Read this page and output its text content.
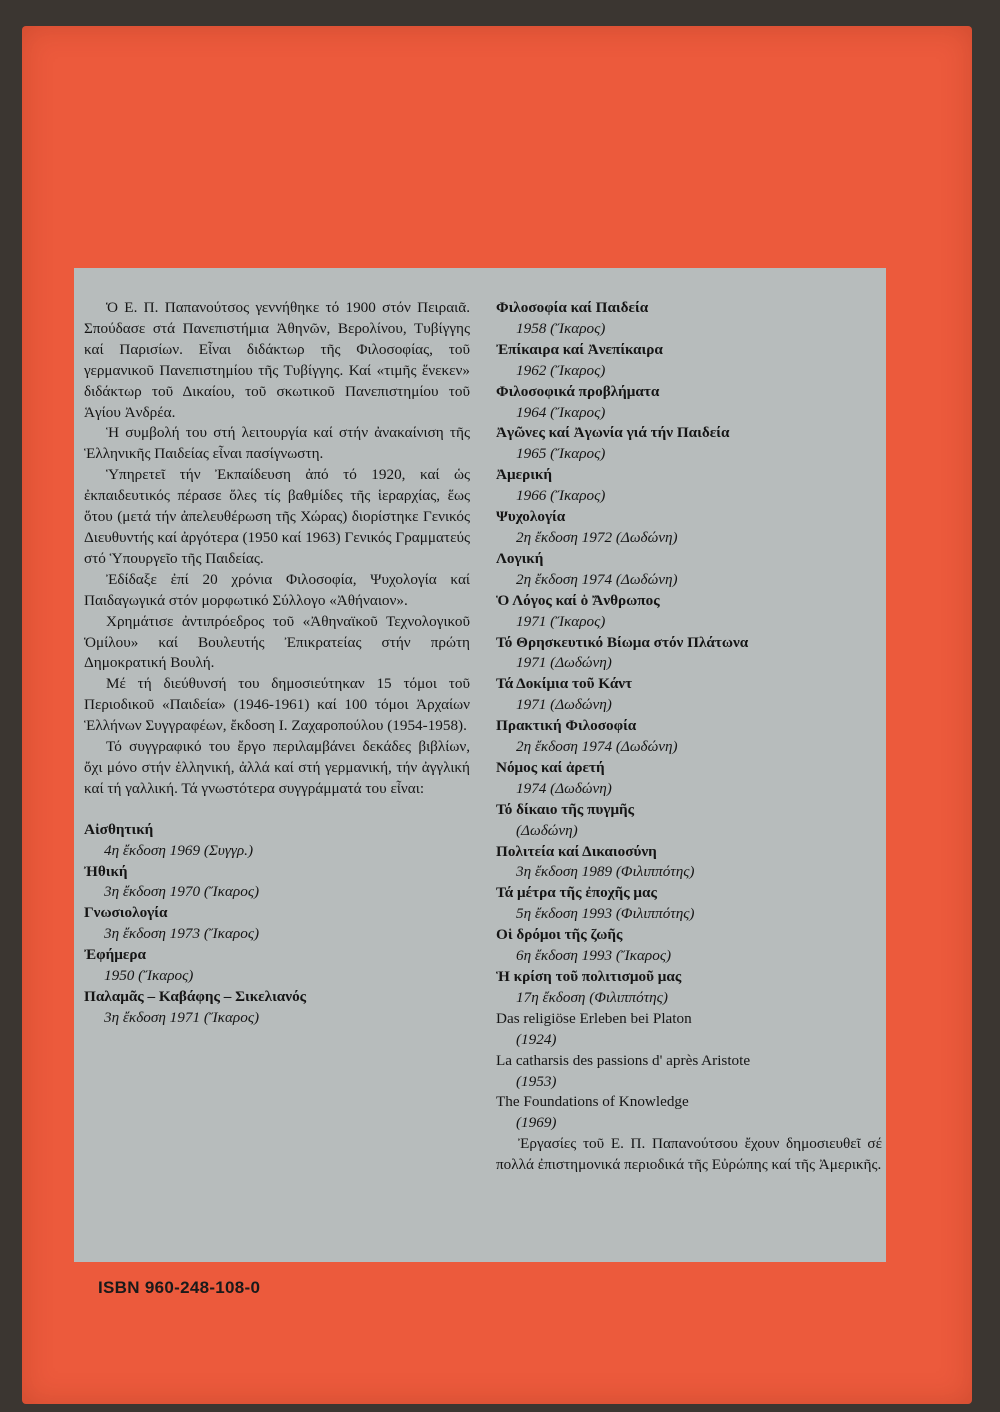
Ὁ Ε. Π. Παπανούτσος γεννήθηκε τό 1900 στόν Πειραιᾶ. Σπούδασε στά Πανεπιστήμια Ἀθηνῶν, Βερολίνου, Τυβίγγης καί Παρισίων. Εἶναι διδάκτωρ τῆς Φιλοσοφίας, τοῦ γερμανικοῦ Πανεπιστημίου τῆς Τυβίγγης. Καί «τιμῆς ἕνεκεν» διδάκτωρ τοῦ Δικαίου, τοῦ σκωτικοῦ Πανεπιστημίου τοῦ Ἁγίου Ἀνδρέα.

Ἡ συμβολή του στή λειτουργία καί στήν ἀνακαίνιση τῆς Ἑλληνικῆς Παιδείας εἶναι πασίγνωστη.

Ὑπηρετεῖ τήν Ἐκπαίδευση ἀπό τό 1920, καί ὡς ἐκπαιδευτικός πέρασε ὅλες τίς βαθμίδες τῆς ἱεραρχίας, ἕως ὅτου (μετά τήν ἀπελευθέρωση τῆς Χώρας) διορίστηκε Γενικός Διευθυντής καί ἀργότερα (1950 καί 1963) Γενικός Γραμματεύς στό Ὑπουργεῖο τῆς Παιδείας.

Ἐδίδαξε ἐπί 20 χρόνια Φιλοσοφία, Ψυχολογία καί Παιδαγωγικά στόν μορφωτικό Σύλλογο «Ἀθήναιον».

Χρημάτισε ἀντιπρόεδρος τοῦ «Ἀθηναϊκοῦ Τεχνολογικοῦ Ὁμίλου» καί Βουλευτής Ἐπικρατείας στήν πρώτη Δημοκρατική Βουλή.

Μέ τή διεύθυνσή του δημοσιεύτηκαν 15 τόμοι τοῦ Περιοδικοῦ «Παιδεία» (1946-1961) καί 100 τόμοι Ἀρχαίων Ἑλλήνων Συγγραφέων, ἔκδοση Ι. Ζαχαροπούλου (1954-1958).

Τό συγγραφικό του ἔργο περιλαμβάνει δεκάδες βιβλίων, ὄχι μόνο στήν ἑλληνική, ἀλλά καί στή γερμανική, τήν ἀγγλική καί τή γαλλική. Τά γνωστότερα συγγράμματά του εἶναι:

Αἰσθητική
4η ἔκδοση 1969 (Συγγρ.)
Ἠθική
3η ἔκδοση 1970 (Ἴκαρος)
Γνωσιολογία
3η ἔκδοση 1973 (Ἴκαρος)
Ἐφήμερα
1950 (Ἴκαρος)
Παλαμᾶς – Καβάφης – Σικελιανός
3η ἔκδοση 1971 (Ἴκαρος)
Φιλοσοφία καί Παιδεία
1958 (Ἴκαρος)
Ἐπίκαιρα καί Ἀνεπίκαιρα
1962 (Ἴκαρος)
Φιλοσοφικά προβλήματα
1964 (Ἴκαρος)
Ἀγῶνες καί Ἀγωνία γιά τήν Παιδεία
1965 (Ἴκαρος)
Ἀμερική
1966 (Ἴκαρος)
Ψυχολογία
2η ἔκδοση 1972 (Δωδώνη)
Λογική
2η ἔκδοση 1974 (Δωδώνη)
Ὁ Λόγος καί ὁ Ἄνθρωπος
1971 (Ἴκαρος)
Τό Θρησκευτικό Βίωμα στόν Πλάτωνα
1971 (Δωδώνη)
Τά Δοκίμια τοῦ Κάντ
1971 (Δωδώνη)
Πρακτική Φιλοσοφία
2η ἔκδοση 1974 (Δωδώνη)
Νόμος καί ἀρετή
1974 (Δωδώνη)
Τό δίκαιο τῆς πυγμῆς
(Δωδώνη)
Πολιτεία καί Δικαιοσύνη
3η ἔκδοση 1989 (Φιλιππότης)
Τά μέτρα τῆς ἐποχῆς μας
5η ἔκδοση 1993 (Φιλιππότης)
Οἱ δρόμοι τῆς ζωῆς
6η ἔκδοση 1993 (Ἴκαρος)
Ἡ κρίση τοῦ πολιτισμοῦ μας
17η ἔκδοση (Φιλιππότης)
Das religiöse Erleben bei Platon
(1924)
La catharsis des passions d' après Aristote
(1953)
The Foundations of Knowledge
(1969)

Ἐργασίες τοῦ Ε. Π. Παπανούτσου ἔχουν δημοσιευθεῖ σέ πολλά ἐπιστημονικά περιοδικά τῆς Εὐρώπης καί τῆς Ἀμερικῆς.

ISBN 960-248-108-0
